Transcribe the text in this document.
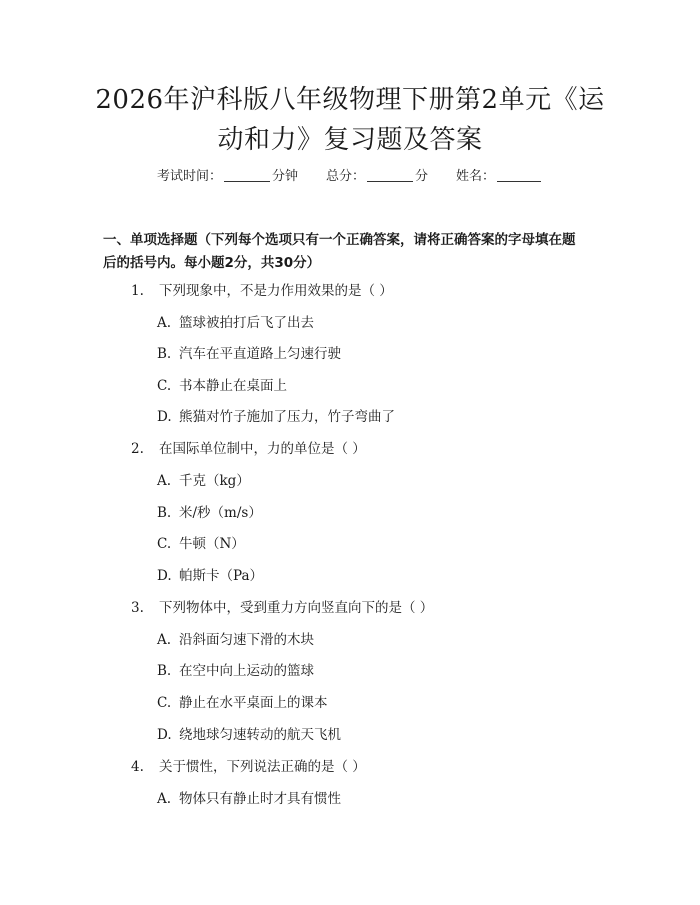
2026年沪科版八年级物理下册第2单元《运
动和力》复习题及答案
考试时间：	分钟 总分：	分 姓名：
一、单项选择题（下列每个选项只有一个正确答案，请将正确答案的字母填在题
后的括号内。每小题2分，共30分）
1. 下列现象中，不是力作用效果的是（ ）
A. 篮球被拍打后飞了出去
B. 汽车在平直道路上匀速行驶
C. 书本静止在桌面上
D. 熊猫对竹子施加了压力，竹子弯曲了
2. 在国际单位制中，力的单位是（ ）
A. 千克（kg）
B. 米/秒（m/s）
C. 牛顿（N）
D. 帕斯卡（Pa）
3. 下列物体中，受到重力方向竖直向下的是（ ）
A. 沿斜面匀速下滑的木块
B. 在空中向上运动的篮球
C. 静止在水平桌面上的课本
D. 绕地球匀速转动的航天飞机
4. 关于惯性，下列说法正确的是（ ）
A. 物体只有静止时才具有惯性
